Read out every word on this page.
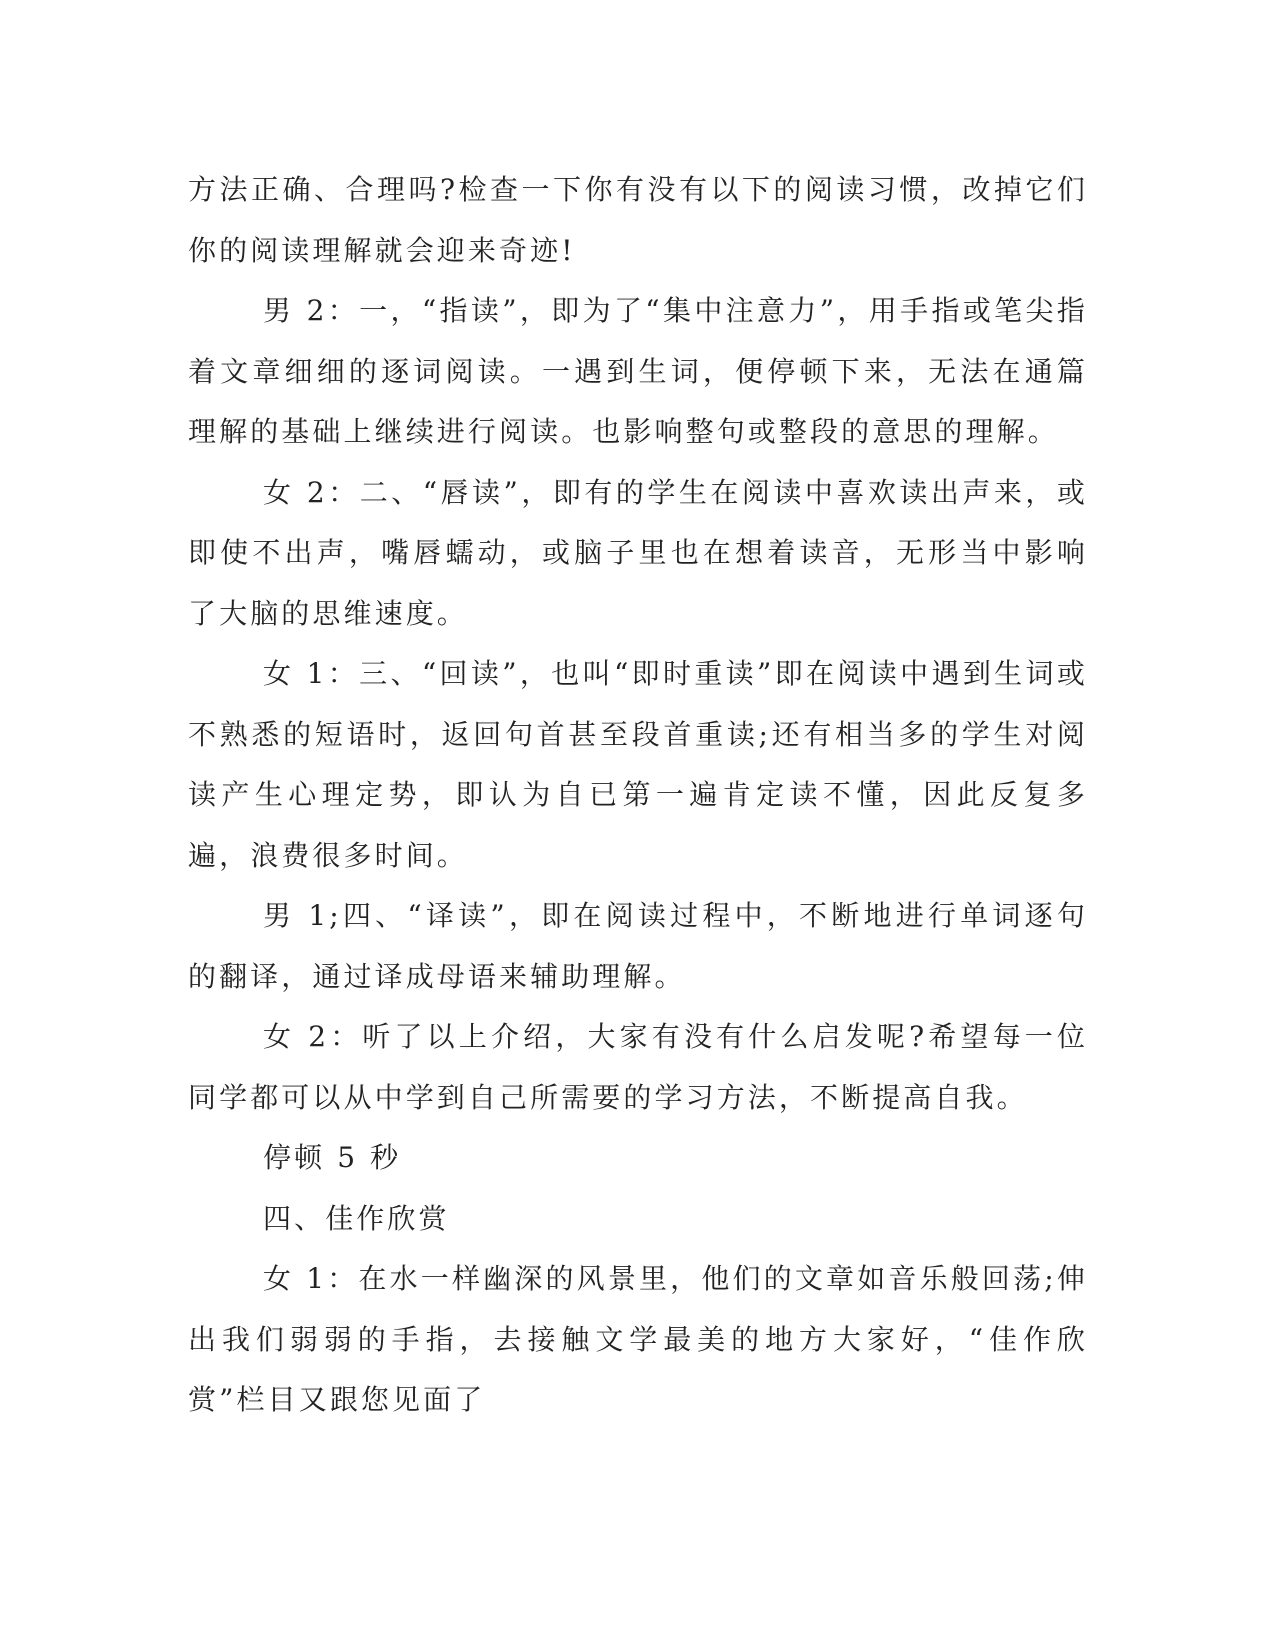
方法正确、合理吗?检查一下你有没有以下的阅读习惯，改掉它们你的阅读理解就会迎来奇迹!

男 2：一，“指读”，即为了“集中注意力”，用手指或笔尖指着文章细细的逐词阅读。一遇到生词，便停顿下来，无法在通篇理解的基础上继续进行阅读。也影响整句或整段的意思的理解。

女 2：二、“唇读”，即有的学生在阅读中喜欢读出声来，或即使不出声，嘴唇蠕动，或脑子里也在想着读音，无形当中影响了大脑的思维速度。

女 1：三、“回读”，也叫“即时重读”即在阅读中遇到生词或不熟悉的短语时，返回句首甚至段首重读;还有相当多的学生对阅读产生心理定势，即认为自已第一遍肯定读不懂，因此反复多遍，浪费很多时间。

男 1;四、“译读”，即在阅读过程中，不断地进行单词逐句的翻译，通过译成母语来辅助理解。

女 2：听了以上介绍，大家有没有什么启发呢?希望每一位同学都可以从中学到自己所需要的学习方法，不断提高自我。

停顿 5 秒

四、佳作欣赏

女 1：在水一样幽深的风景里，他们的文章如音乐般回荡;伸出我们弱弱的手指，去接触文学最美的地方大家好，“佳作欣赏”栏目又跟您见面了
